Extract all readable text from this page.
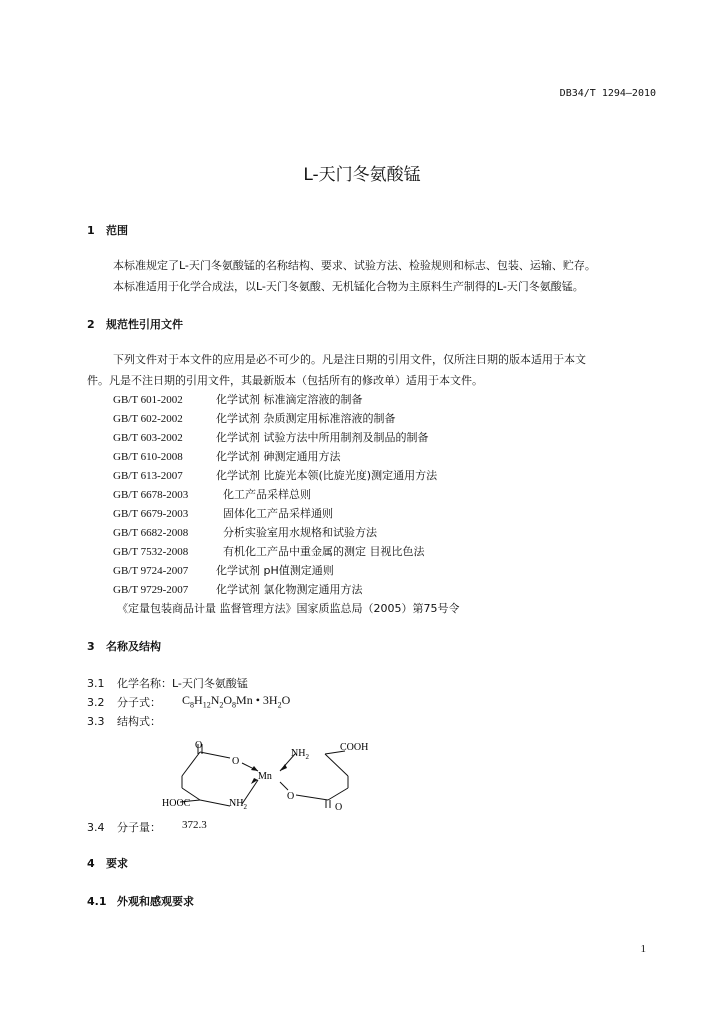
DB34/T 1294—2010
L-天门冬氨酸锰
1 范围
本标准规定了L-天门冬氨酸锰的名称结构、要求、试验方法、检验规则和标志、包装、运输、贮存。
本标准适用于化学合成法，以L-天门冬氨酸、无机锰化合物为主原料生产制得的L-天门冬氨酸锰。
2 规范性引用文件
下列文件对于本文件的应用是必不可少的。凡是注日期的引用文件，仅所注日期的版本适用于本文
件。凡是不注日期的引用文件，其最新版本（包括所有的修改单）适用于本文件。
GB/T 601-2002	化学试剂 标准滴定溶液的制备
GB/T 602-2002	化学试剂 杂质测定用标准溶液的制备
GB/T 603-2002	化学试剂 试验方法中所用制剂及制品的制备
GB/T 610-2008	化学试剂 砷测定通用方法
GB/T 613-2007	化学试剂 比旋光本领(比旋光度)测定通用方法
GB/T 6678-2003	化工产品采样总则
GB/T 6679-2003	固体化工产品采样通则
GB/T 6682-2008	分析实验室用水规格和试验方法
GB/T 7532-2008	有机化工产品中重金属的测定 目视比色法
GB/T 9724-2007	化学试剂 pH值测定通则
GB/T 9729-2007	化学试剂 氯化物测定通用方法
《定量包装商品计量 监督管理方法》国家质监总局（2005）第75号令
3 名称及结构
3.1 化学名称：L-天门冬氨酸锰
3.2 分子式： $C_8H_{12}N_2O_8Mn$ • $3H_2O$
3.3 结构式：
O
O
Mn
$NH_2$
COOH
HOOC	$NH_2$
O
O
3.4 分子量： 372.3
4 要求
4.1 外观和感观要求
1
